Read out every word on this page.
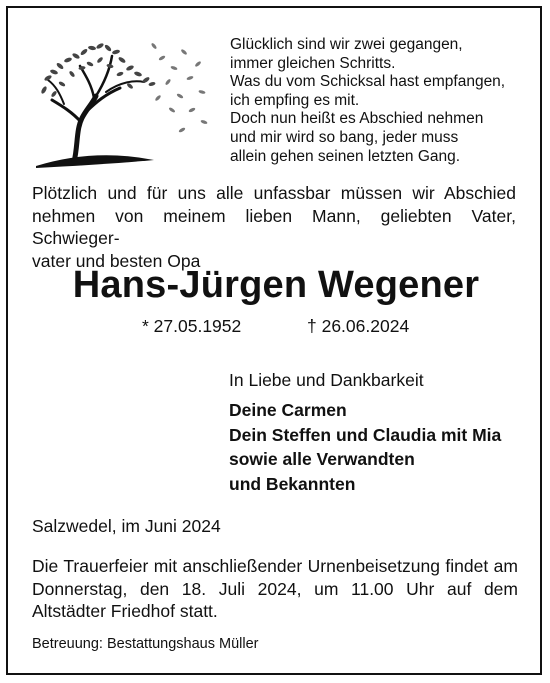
Glücklich sind wir zwei gegangen,
immer gleichen Schritts.
Was du vom Schicksal hast empfangen,
ich empfing es mit.
Doch nun heißt es Abschied nehmen
und mir wird so bang, jeder muss
allein gehen seinen letzten Gang.
Plötzlich und für uns alle unfassbar müssen wir Abschied
nehmen von meinem lieben Mann, geliebten Vater, Schwieger-
vater und besten Opa
Hans-Jürgen Wegener
* 27.05.1952	† 26.06.2024
In Liebe und Dankbarkeit
Deine Carmen
Dein Steffen und Claudia mit Mia
sowie alle Verwandten
und Bekannten
Salzwedel, im Juni 2024
Die Trauerfeier mit anschließender Urnenbeisetzung findet am
Donnerstag, den 18. Juli 2024, um 11.00 Uhr auf dem
Altstädter Friedhof statt.
Betreuung: Bestattungshaus Müller
